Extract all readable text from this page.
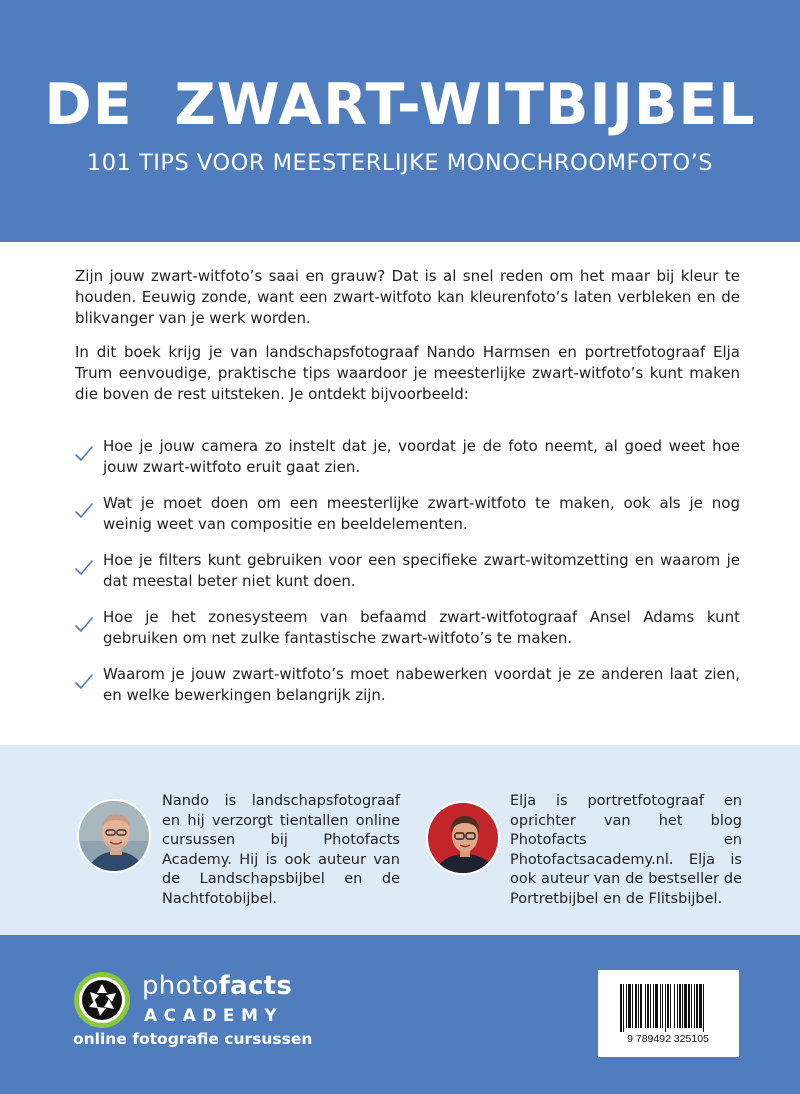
DE  ZWART-WITBIJBEL
101 TIPS VOOR MEESTERLIJKE MONOCHROOMFOTO’S
Zijn jouw zwart-witfoto’s saai en grauw? Dat is al snel reden om het maar bij kleur te houden. Eeuwig zonde, want een zwart-witfoto kan kleurenfoto’s laten verbleken en de blikvanger van je werk worden.
In dit boek krijg je van landschapsfotograaf Nando Harmsen en portretfotograaf Elja Trum eenvoudige, praktische tips waardoor je meesterlijke zwart-witfoto’s kunt maken die boven de rest uitsteken. Je ontdekt bijvoorbeeld:
Hoe je jouw camera zo instelt dat je, voordat je de foto neemt, al goed weet hoe jouw zwart-witfoto eruit gaat zien.
Wat je moet doen om een meesterlijke zwart-witfoto te maken, ook als je nog weinig weet van compositie en beeldelementen.
Hoe je filters kunt gebruiken voor een specifieke zwart-witomzetting en waarom je dat meestal beter niet kunt doen.
Hoe je het zonesysteem van befaamd zwart-witfotograaf Ansel Adams kunt gebruiken om net zulke fantastische zwart-witfoto’s te maken.
Waarom je jouw zwart-witfoto’s moet nabewerken voordat je ze anderen laat zien, en welke bewerkingen belangrijk zijn.
Nando is landschapsfotograaf en hij verzorgt tientallen online cursussen bij Photofacts Academy. Hij is ook auteur van de Landschapsbijbel en de Nachtfotobijbel.
Elja is portretfotograaf en oprichter van het blog Photofacts en Photofactsacademy.nl. Elja is ook auteur van de bestseller de Portretbijbel en de Flitsbijbel.
photofacts
ACADEMY
online fotografie cursussen	9 789492 325105
